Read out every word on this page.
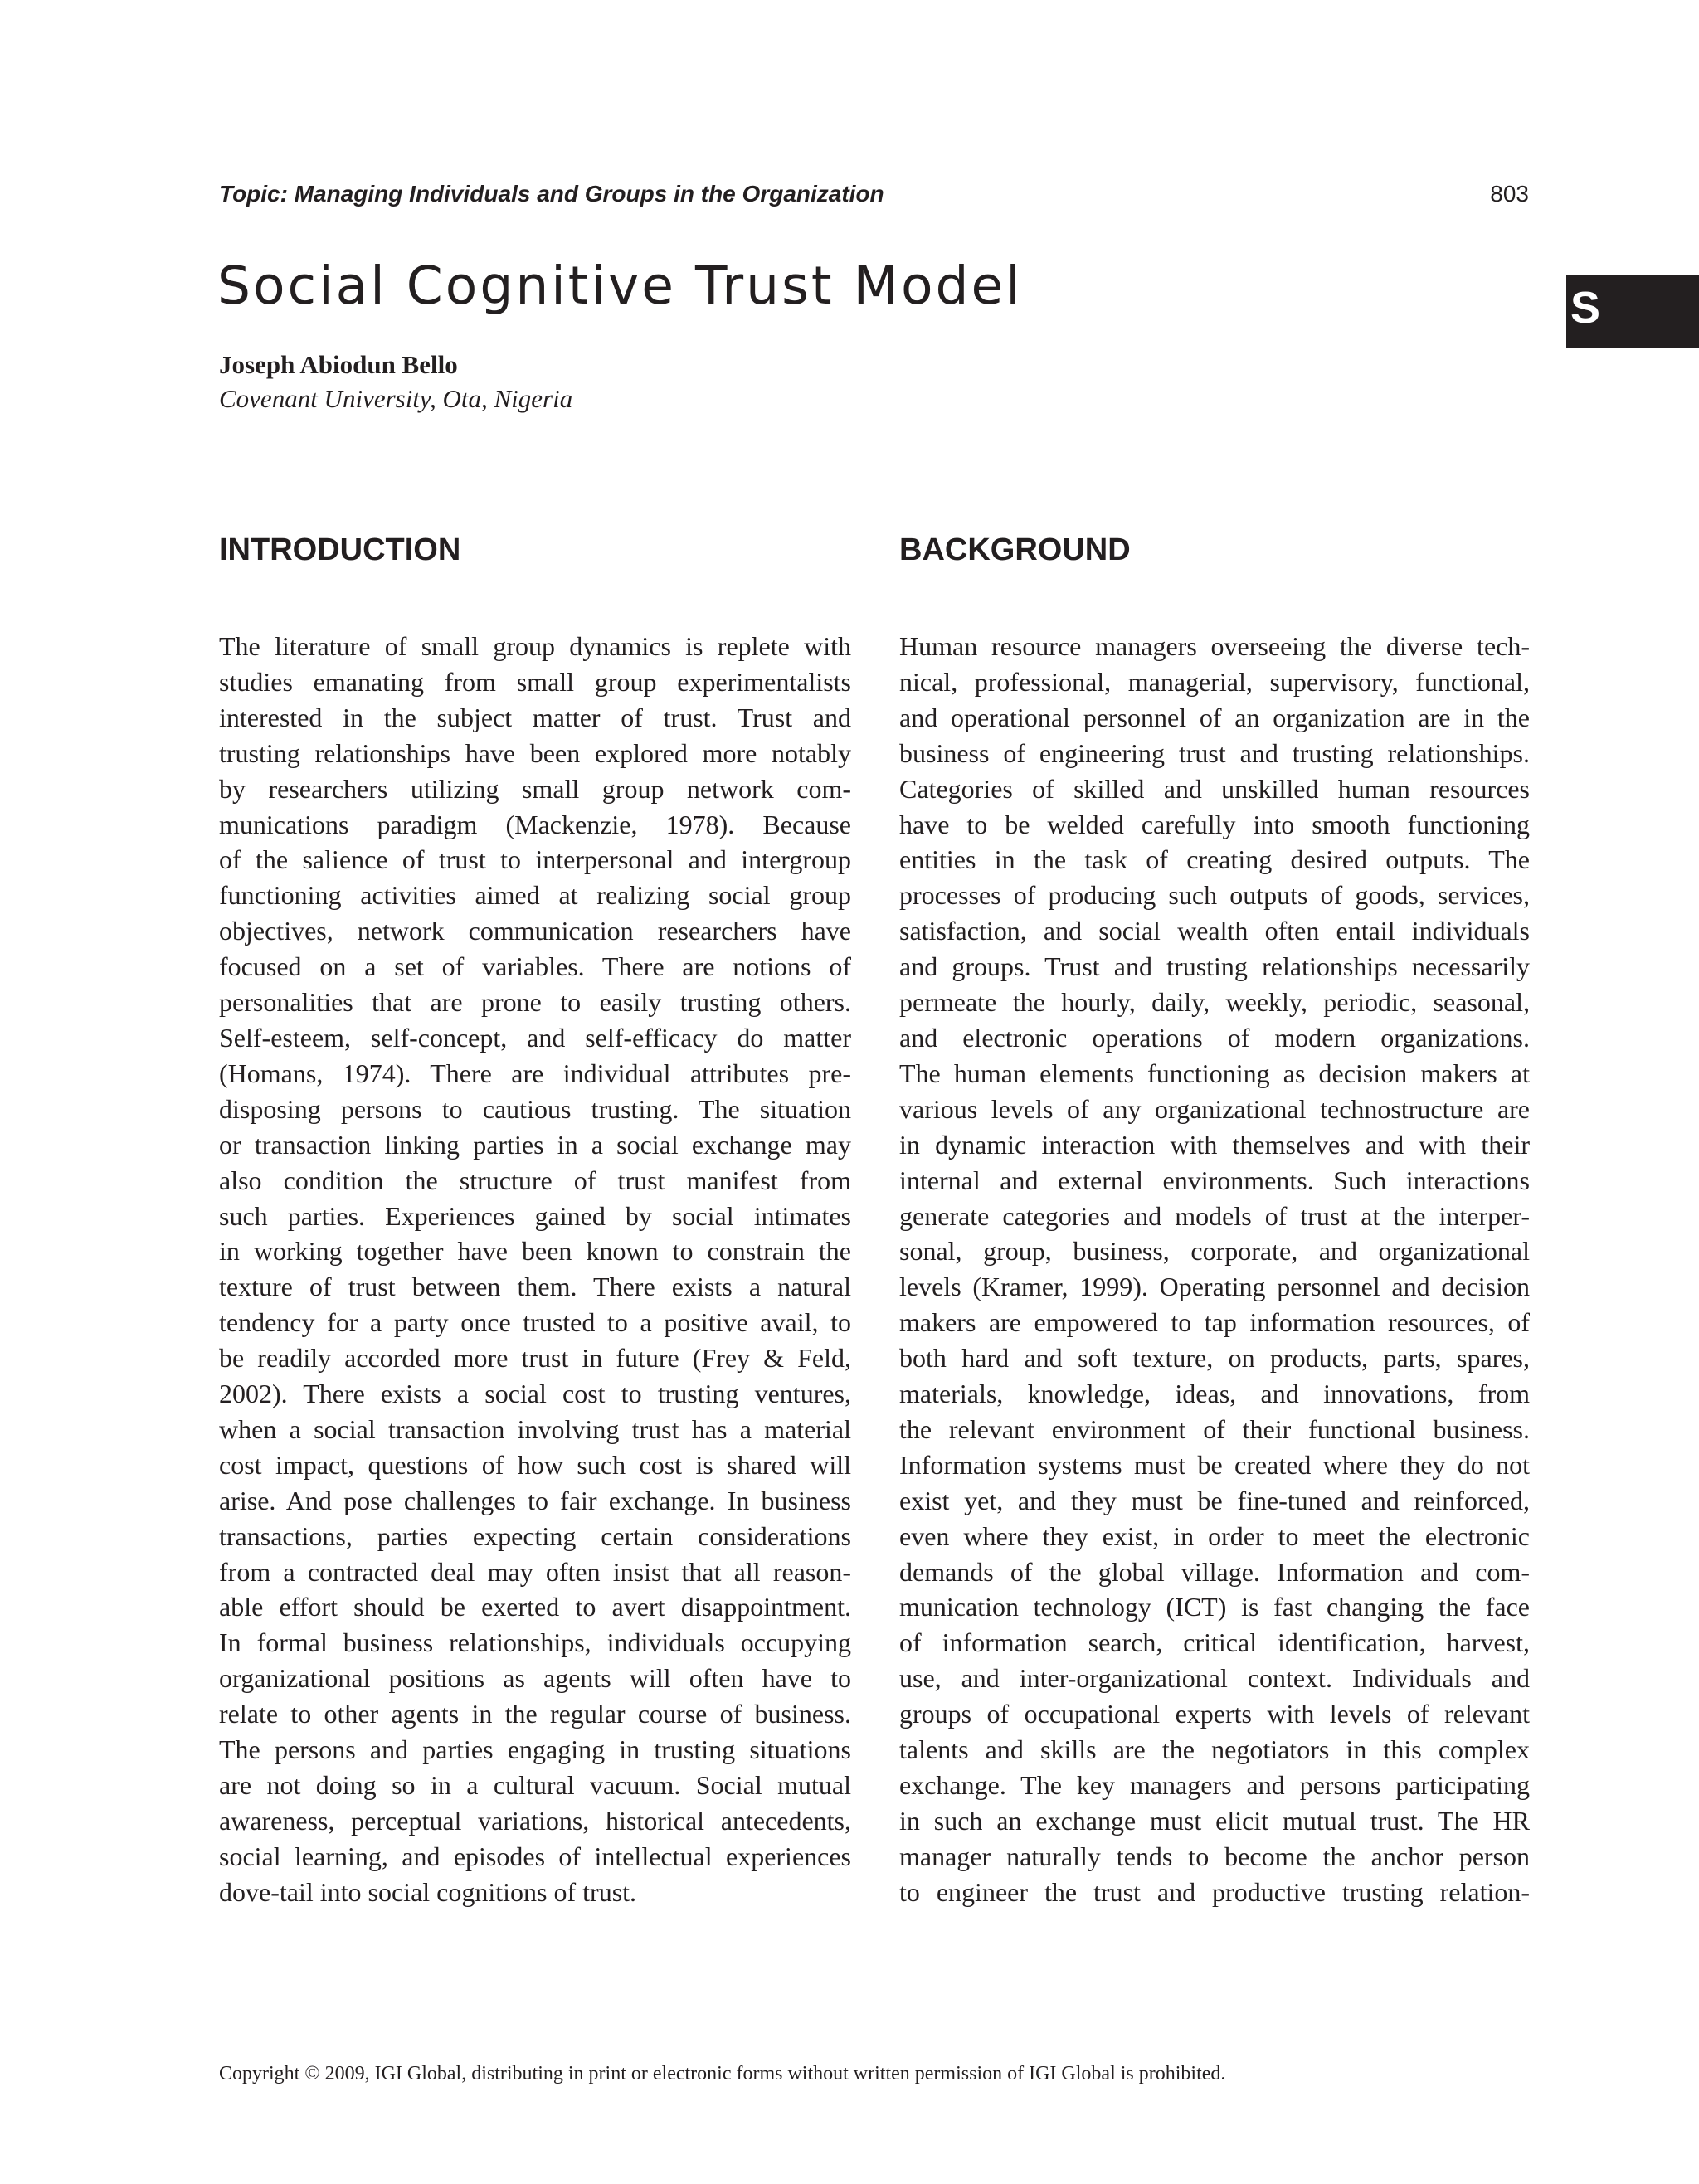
Topic: Managing Individuals and Groups in the Organization	803
S
Social Cognitive Trust Model
Joseph Abiodun Bello
Covenant University, Ota, Nigeria
INTRODUCTION

The literature of small group dynamics is replete with
studies emanating from small group experimentalists
interested in the subject matter of trust. Trust and
trusting relationships have been explored more notably
by researchers utilizing small group network com-
munications paradigm (Mackenzie, 1978). Because
of the salience of trust to interpersonal and intergroup
functioning activities aimed at realizing social group
objectives, network communication researchers have
focused on a set of variables. There are notions of
personalities that are prone to easily trusting others.
Self-esteem, self-concept, and self-efficacy do matter
(Homans, 1974). There are individual attributes pre-
disposing persons to cautious trusting. The situation
or transaction linking parties in a social exchange may
also condition the structure of trust manifest from
such parties. Experiences gained by social intimates
in working together have been known to constrain the
texture of trust between them. There exists a natural
tendency for a party once trusted to a positive avail, to
be readily accorded more trust in future (Frey & Feld,
2002). There exists a social cost to trusting ventures,
when a social transaction involving trust has a material
cost impact, questions of how such cost is shared will
arise. And pose challenges to fair exchange. In business
transactions, parties expecting certain considerations
from a contracted deal may often insist that all reason-
able effort should be exerted to avert disappointment.
In formal business relationships, individuals occupying
organizational positions as agents will often have to
relate to other agents in the regular course of business.
The persons and parties engaging in trusting situations
are not doing so in a cultural vacuum. Social mutual
awareness, perceptual variations, historical antecedents,
social learning, and episodes of intellectual experiences
dove-tail into social cognitions of trust.

BACKGROUND

Human resource managers overseeing the diverse tech-
nical, professional, managerial, supervisory, functional,
and operational personnel of an organization are in the
business of engineering trust and trusting relationships.
Categories of skilled and unskilled human resources
have to be welded carefully into smooth functioning
entities in the task of creating desired outputs. The
processes of producing such outputs of goods, services,
satisfaction, and social wealth often entail individuals
and groups. Trust and trusting relationships necessarily
permeate the hourly, daily, weekly, periodic, seasonal,
and electronic operations of modern organizations.
The human elements functioning as decision makers at
various levels of any organizational technostructure are
in dynamic interaction with themselves and with their
internal and external environments. Such interactions
generate categories and models of trust at the interper-
sonal, group, business, corporate, and organizational
levels (Kramer, 1999). Operating personnel and decision
makers are empowered to tap information resources, of
both hard and soft texture, on products, parts, spares,
materials, knowledge, ideas, and innovations, from
the relevant environment of their functional business.
Information systems must be created where they do not
exist yet, and they must be fine-tuned and reinforced,
even where they exist, in order to meet the electronic
demands of the global village. Information and com-
munication technology (ICT) is fast changing the face
of information search, critical identification, harvest,
use, and inter-organizational context. Individuals and
groups of occupational experts with levels of relevant
talents and skills are the negotiators in this complex
exchange. The key managers and persons participating
in such an exchange must elicit mutual trust. The HR
manager naturally tends to become the anchor person
to engineer the trust and productive trusting relation-

Copyright © 2009, IGI Global, distributing in print or electronic forms without written permission of IGI Global is prohibited.
